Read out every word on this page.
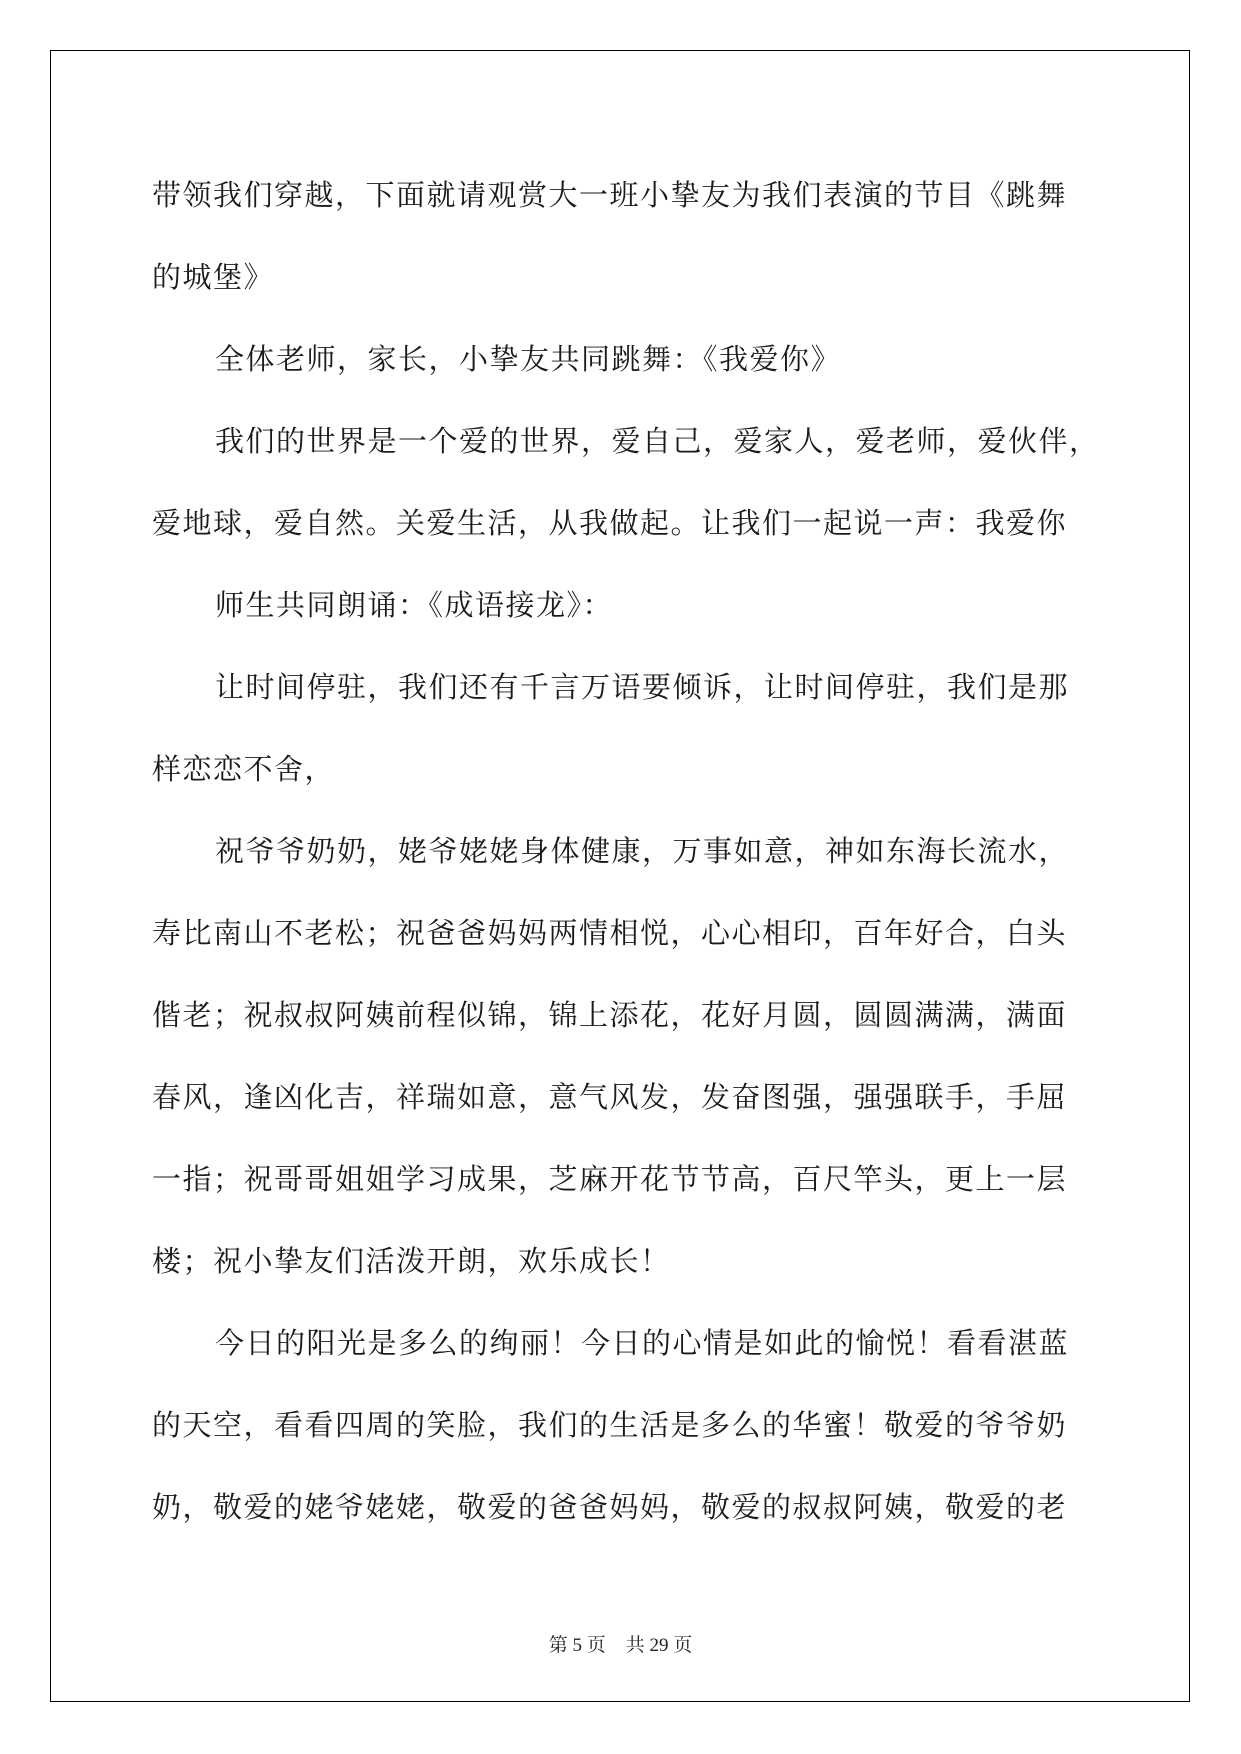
带领我们穿越，下面就请观赏大一班小挚友为我们表演的节目《跳舞
的城堡》
全体老师，家长，小挚友共同跳舞：《我爱你》
我们的世界是一个爱的世界，爱自己，爱家人，爱老师，爱伙伴，
爱地球，爱自然。关爱生活，从我做起。让我们一起说一声：我爱你
师生共同朗诵：《成语接龙》：
让时间停驻，我们还有千言万语要倾诉，让时间停驻，我们是那
样恋恋不舍，
祝爷爷奶奶，姥爷姥姥身体健康，万事如意，神如东海长流水，
寿比南山不老松；祝爸爸妈妈两情相悦，心心相印，百年好合，白头
偕老；祝叔叔阿姨前程似锦，锦上添花，花好月圆，圆圆满满，满面
春风，逢凶化吉，祥瑞如意，意气风发，发奋图强，强强联手，手屈
一指；祝哥哥姐姐学习成果，芝麻开花节节高，百尺竿头，更上一层
楼；祝小挚友们活泼开朗，欢乐成长！
今日的阳光是多么的绚丽！今日的心情是如此的愉悦！看看湛蓝
的天空，看看四周的笑脸，我们的生活是多么的华蜜！敬爱的爷爷奶
奶，敬爱的姥爷姥姥，敬爱的爸爸妈妈，敬爱的叔叔阿姨，敬爱的老
第 5 页 共 29 页
